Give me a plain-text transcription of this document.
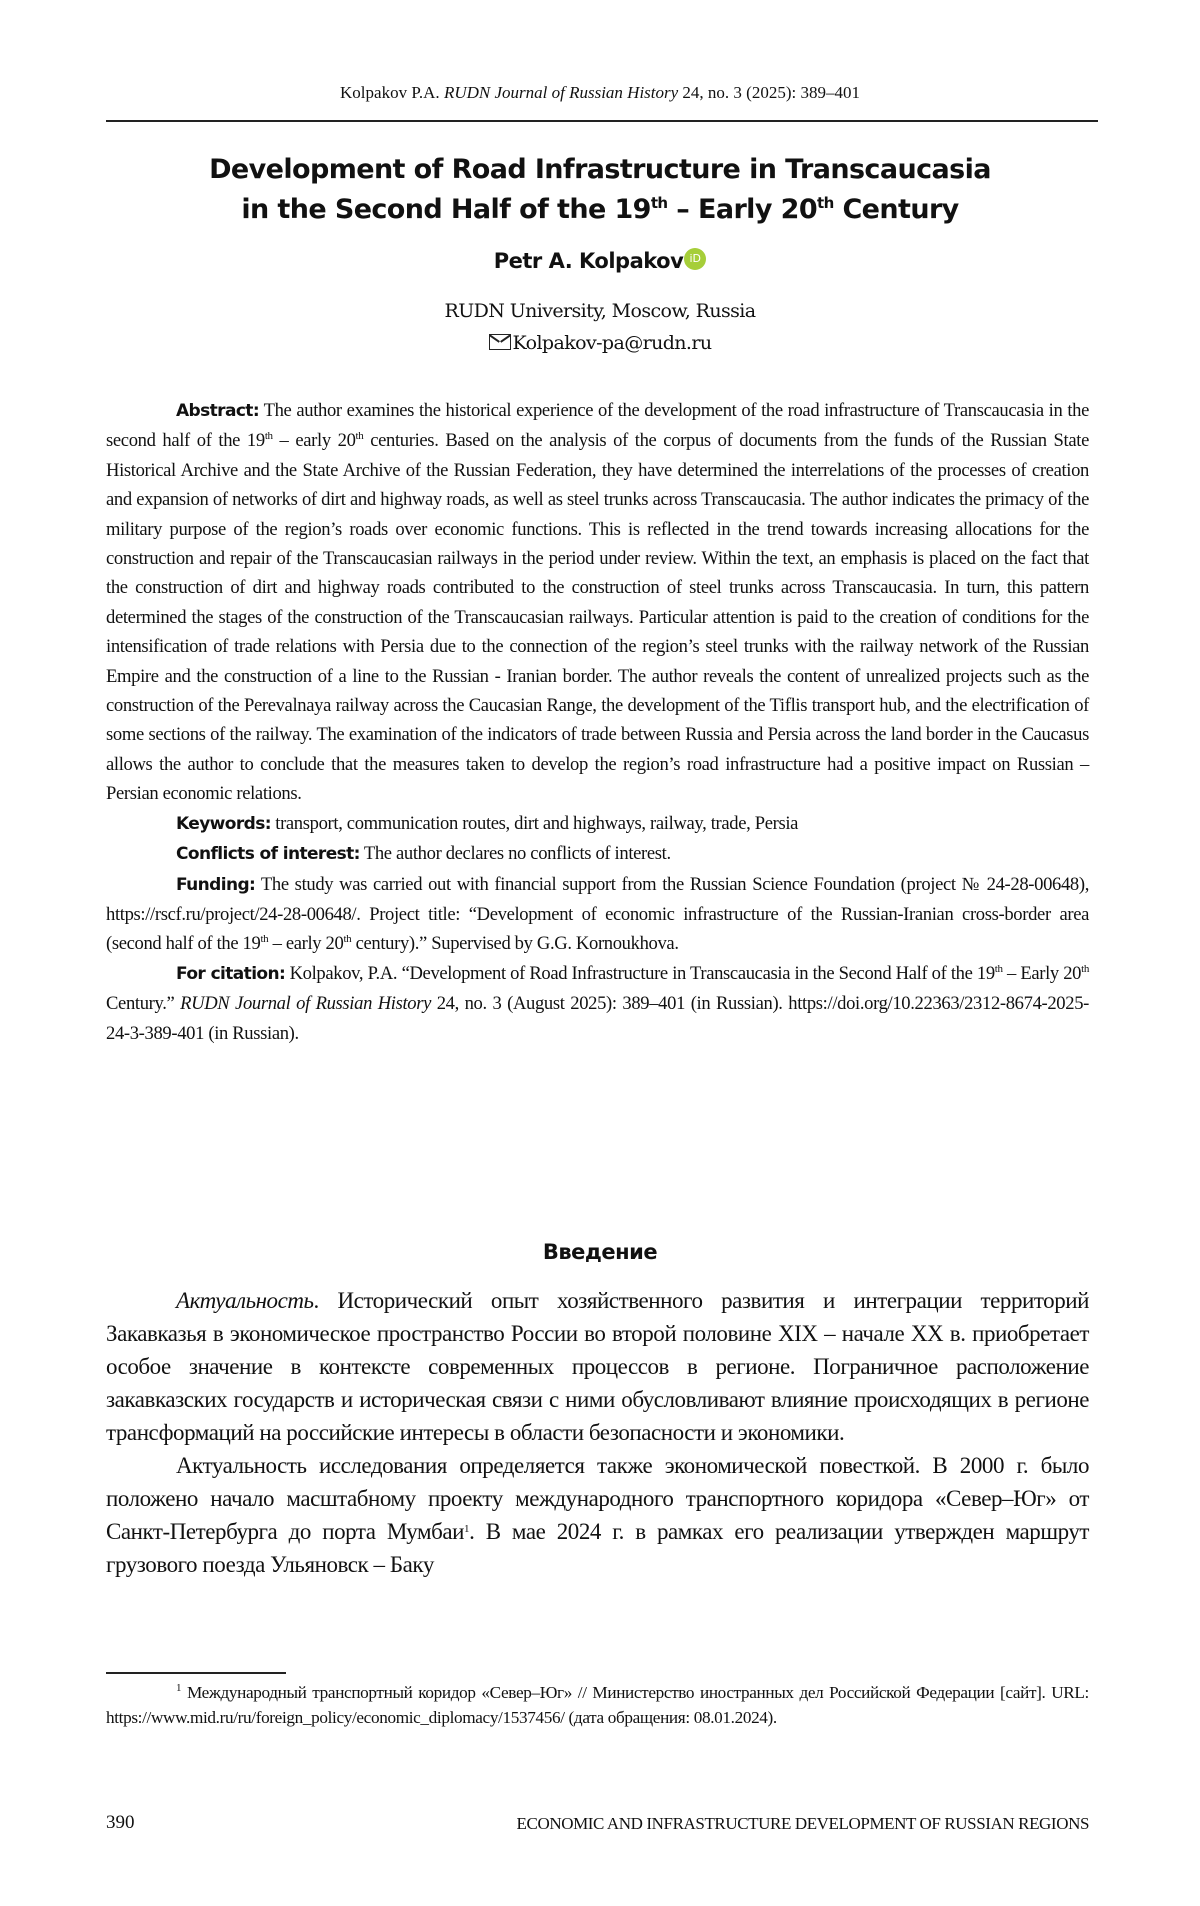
Kolpakov P.A. RUDN Journal of Russian History 24, no. 3 (2025): 389–401
Development of Road Infrastructure in Transcaucasia
in the Second Half of the 19th – Early 20th Century
Petr A. Kolpakov iD
RUDN University, Moscow, Russia
Kolpakov-pa@rudn.ru

Abstract: The author examines the historical experience of the development of the road infrastructure of Transcaucasia in the second half of the 19th – early 20th centuries. Based on the analysis of the corpus of documents from the funds of the Russian State Historical Archive and the State Archive of the Russian Federation, they have determined the interrelations of the processes of creation and expansion of networks of dirt and highway roads, as well as steel trunks across Transcaucasia. The author indicates the primacy of the military purpose of the region’s roads over economic functions. This is reflected in the trend towards increasing allocations for the construction and repair of the Transcaucasian railways in the period under review. Within the text, an emphasis is placed on the fact that the construction of dirt and highway roads contributed to the construction of steel trunks across Transcaucasia. In turn, this pattern determined the stages of the construction of the Transcaucasian railways. Particular attention is paid to the creation of conditions for the intensification of trade relations with Persia due to the connection of the region’s steel trunks with the railway network of the Russian Empire and the construction of a line to the Russian - Iranian border. The author reveals the content of unrealized projects such as the construction of the Perevalnaya railway across the Caucasian Range, the development of the Tiflis transport hub, and the electrification of some sections of the railway. The examination of the indicators of trade between Russia and Persia across the land border in the Caucasus allows the author to conclude that the measures taken to develop the region’s road infrastructure had a positive impact on Russian – Persian economic relations.

Keywords: transport, communication routes, dirt and highways, railway, trade, Persia

Conflicts of interest: The author declares no conflicts of interest.

Funding: The study was carried out with financial support from the Russian Science Foundation (project № 24-28-00648), https://rscf.ru/project/24-28-00648/. Project title: “Development of economic infrastructure of the Russian-Iranian cross-border area (second half of the 19th – early 20th century).” Supervised by G.G. Kornoukhova.

For citation: Kolpakov, P.A. “Development of Road Infrastructure in Transcaucasia in the Second Half of the 19th – Early 20th Century.” RUDN Journal of Russian History 24, no. 3 (August 2025): 389–401 (in Russian). https://doi.org/10.22363/2312-8674-2025-24-3-389-401 (in Russian).

Введение

Актуальность. Исторический опыт хозяйственного развития и интеграции территорий Закавказья в экономическое пространство России во второй половине XIX – начале XX в. приобретает особое значение в контексте современных процессов в регионе. Пограничное расположение закавказских государств и историческая связи с ними обусловливают влияние происходящих в регионе трансформаций на российские интересы в области безопасности и экономики.

Актуальность исследования определяется также экономической повесткой. В 2000 г. было положено начало масштабному проекту международного транспортного коридора «Север–Юг» от Санкт-Петербурга до порта Мумбаи$^1$. В мае 2024 г. в рамках его реализации утвержден маршрут грузового поезда Ульяновск – Баку

$^1$ Международный транспортный коридор «Север–Юг» // Министерство иностранных дел Российской Федерации [сайт]. URL: https://www.mid.ru/ru/foreign_policy/economic_diplomacy/1537456/ (дата обращения: 08.01.2024).

390	ECONOMIC AND INFRASTRUCTURE DEVELOPMENT OF RUSSIAN REGIONS
